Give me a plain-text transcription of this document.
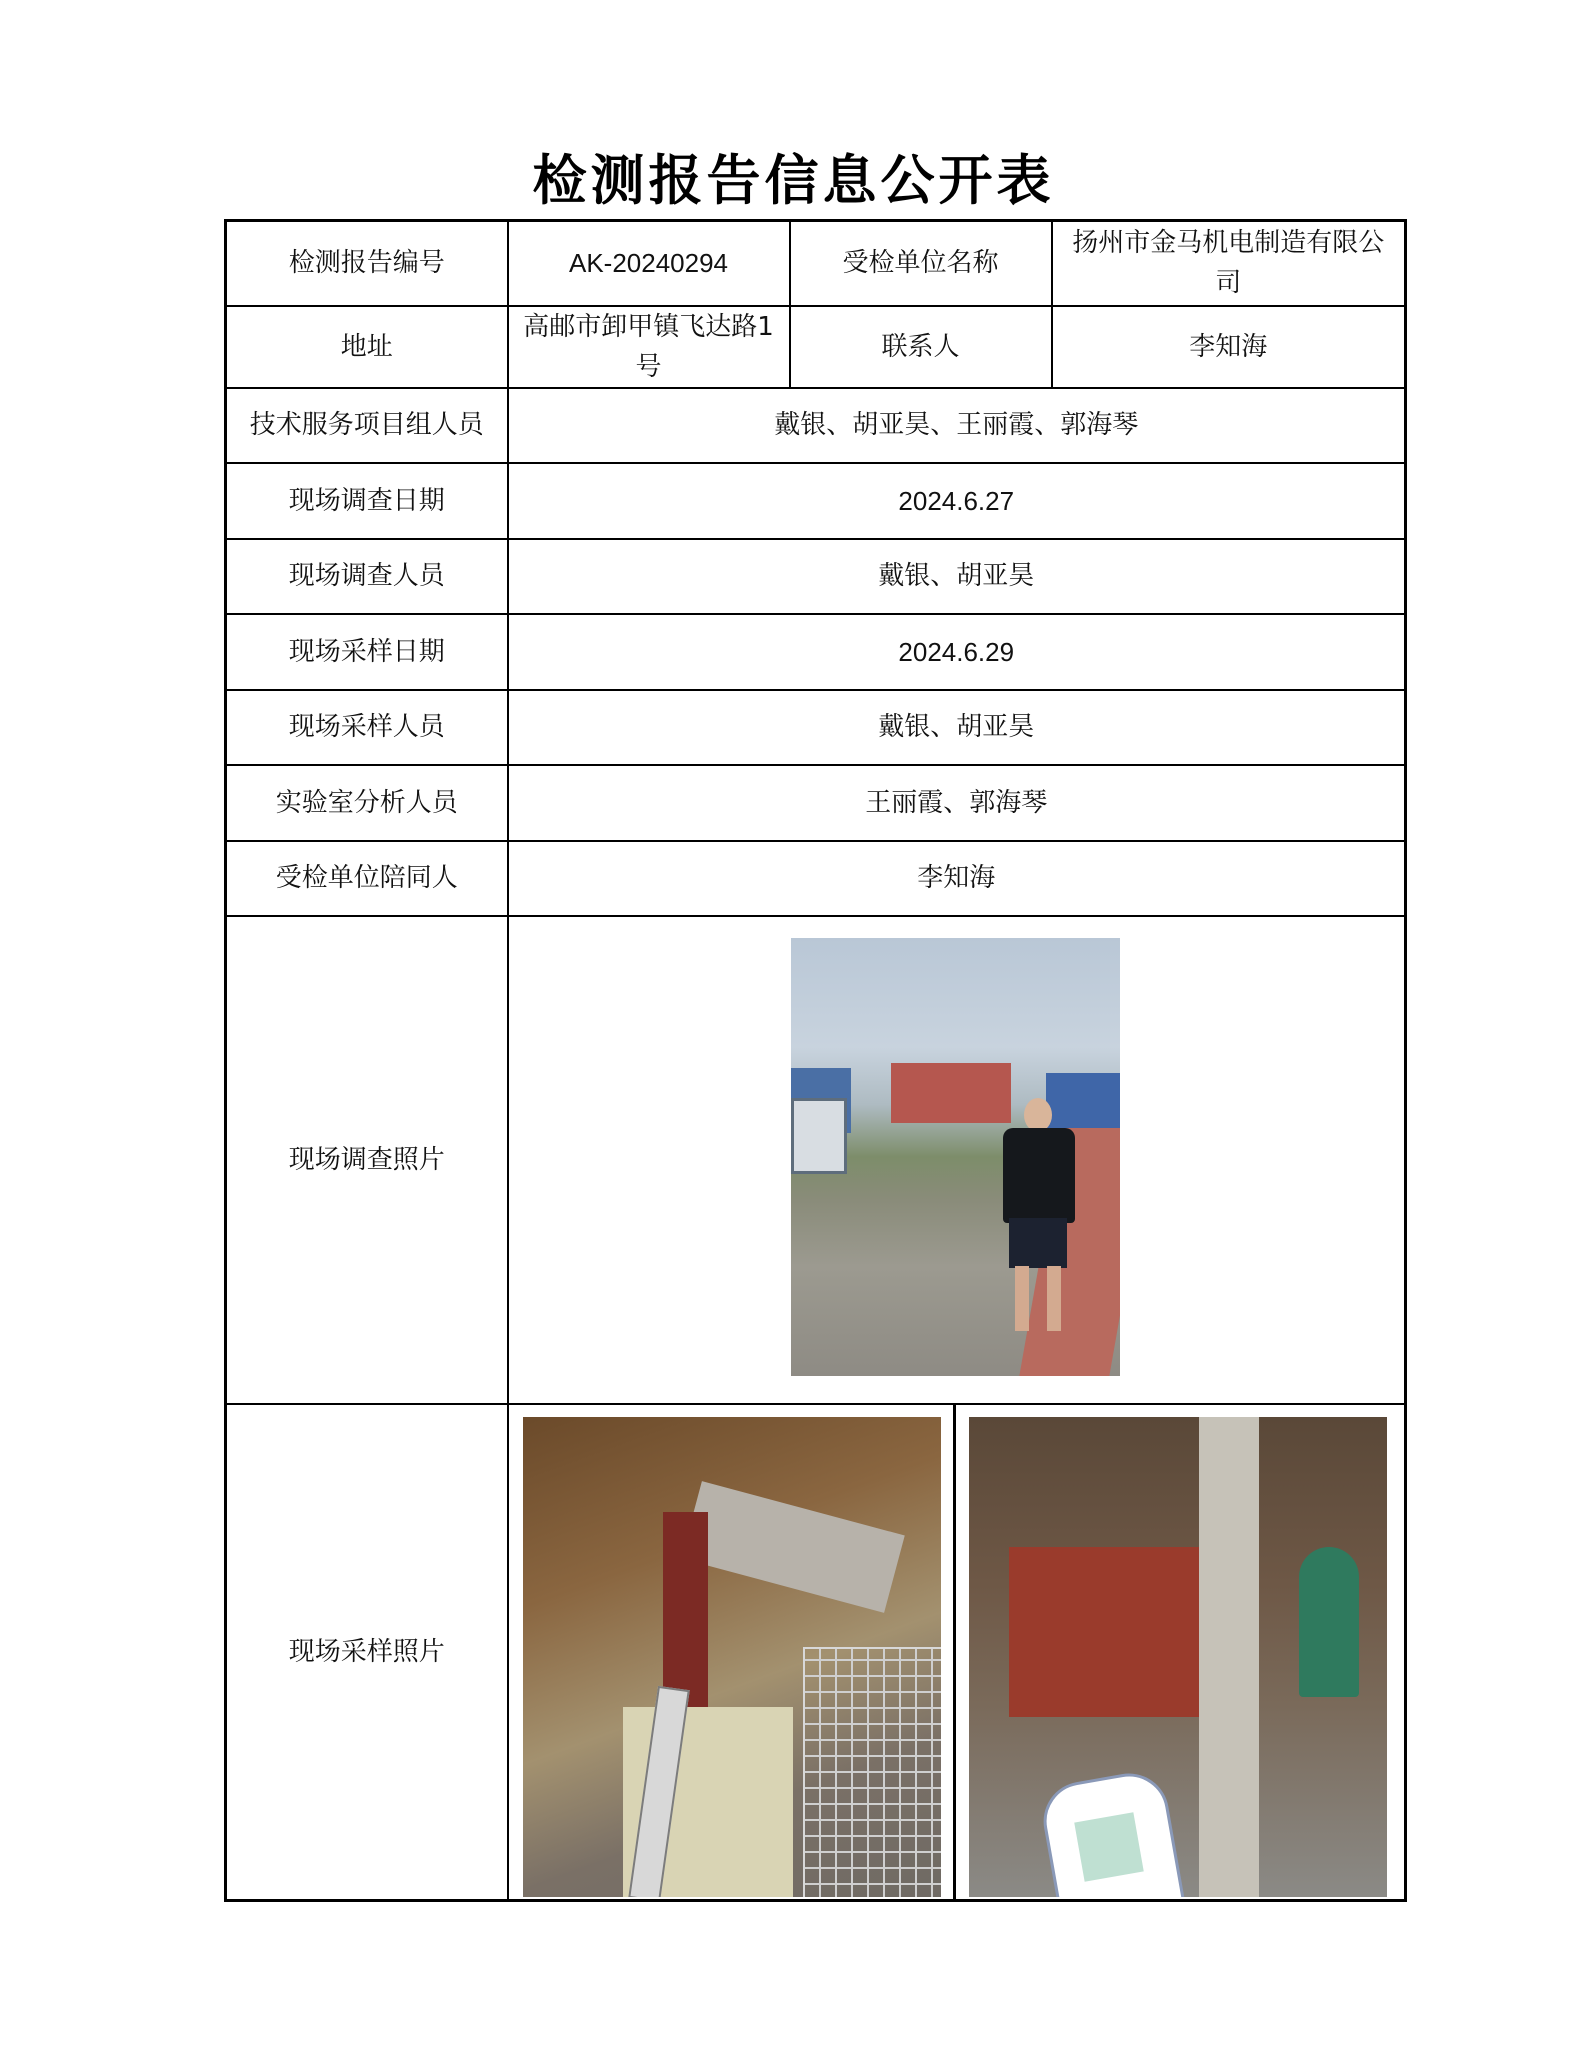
检测报告信息公开表
检测报告编号	AK-20240294	受检单位名称	扬州市金马机电制造有限公司
地址	高邮市卸甲镇飞达路1号	联系人	李知海
技术服务项目组人员	戴银、胡亚昊、王丽霞、郭海琴		
现场调查日期	2024.6.27		
现场调查人员	戴银、胡亚昊		
现场采样日期	2024.6.29		
现场采样人员	戴银、胡亚昊		
实验室分析人员	王丽霞、郭海琴		
受检单位陪同人	李知海		
现场调查照片			

现场采样照片			
